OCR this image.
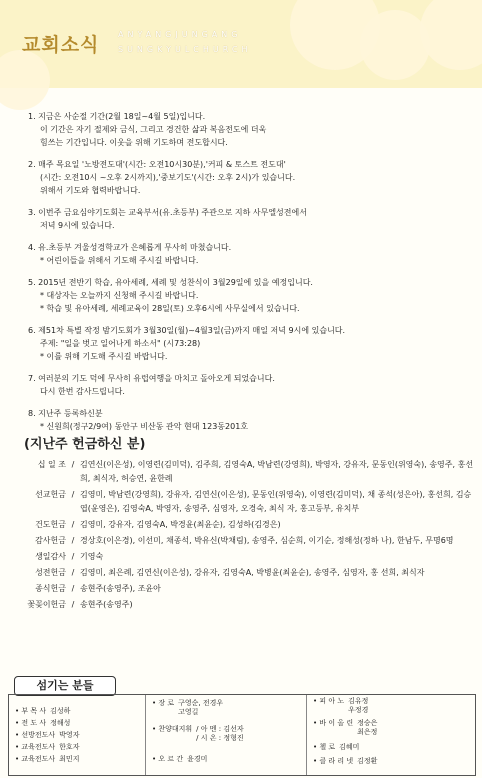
교회소식 ANYANGJUNGANG
SUNGKYULCHURCH
1. 지금은 사순절 기간(2월 18일~4월 5일)입니다.
이 기간은 자기 절제와 금식, 그리고 경건한 삶과 복음전도에 더욱
힘쓰는 기간입니다. 이웃을 위해 기도하며 전도합시다.
2. 매주 목요일 '노방전도대'(시간: 오전10시30분),'커피 & 토스트 전도대'
(시간: 오전10시 ~오후 2시까지),'중보기도'(시간: 오후 2시)가 있습니다.
위해서 기도와 협력바랍니다.
3. 이번주 금요심야기도회는 교육부서(유.초등부) 주관으로 지하 사무엘성전에서
저녁 9시에 있습니다.
4. 유.초등부 겨울성경학교가 은혜롭게 무사히 마쳤습니다.
* 어린이들을 위해서 기도해 주시길 바랍니다.
5. 2015년 전반기 학습, 유아세례, 세례 및 성찬식이 3월29일에 있을 예정입니다.
* 대상자는 오늘까지 신청해 주시길 바랍니다.
* 학습 및 유아세례, 세례교육이 28일(토) 오후6시에 사무실에서 있습니다.
6. 제51차 특별 작정 밤기도회가 3월30일(월)~4월3일(금)까지 매일 저녁 9시에 있습니다.
주제: "일을 벗고 일어나게 하소서" (시73:28)
* 이를 위해 기도해 주시길 바랍니다.
7. 여러분의 기도 덕에 무사히 유럽여행을 마치고 돌아오게 되었습니다.
다시 한번 감사드립니다.
8. 지난주 등록하신분
* 신원희(정구2/9여) 동안구 비산동 관악 현대 123동201호
(지난주 헌금하신 분)
십 일 조 / 김연신(이은성), 이영련(김미덕), 김주희, 김영숙A, 박남련(강영희), 박영자, 강유자, 문동인(위영숙), 송영주, 홍선희, 최식자, 허승연, 윤한례
선교헌금 / 김영미, 박남련(강영희), 강유자, 김연신(이은성), 문동인(위영숙), 이영련(김미덕), 채 종석(성은아), 홍선희, 김승엽(윤영은), 김영숙A, 박영자, 송영주, 심영자, 오경숙, 최식 자, 홍고등부, 유치부
건도헌금 / 김영미, 강유자, 김영숙A, 박경윤(최윤순), 김성하(김경은)
감사헌금 / 경상호(이은경), 이선미, 채종석, 박유신(박채림), 송영주, 심순희, 이기순, 정해성(정하 나), 한남두, 무명6명
생일감사 / 기영숙
성전헌금 / 김영미, 최은례, 김연신(이은성), 강유자, 김영숙A, 박병윤(최윤순), 송영주, 심영자, 홍 선희, 최식자
종식헌금 / 송현주(송영주), 조윤아
꽃꽂이헌금 / 송현주(송영주)
섬기는 분들
• 부 목 사 김성하
• 전 도 사 정해성
• 선방전도사 박영자
• 교육전도사 한호자
• 교육전도사 최민지
• 장 로 구영순, 전경우
고영길
• 찬양대지휘 / 아 멘 : 김선자
/ 시 온 : 정형진
• 오 르 간 윤경미
• 피 아 노 김유정
우정경
• 바 이 올 린 정승은
최은정
• 첼 로 김혜미
• 클 라 리 넷 김정환
